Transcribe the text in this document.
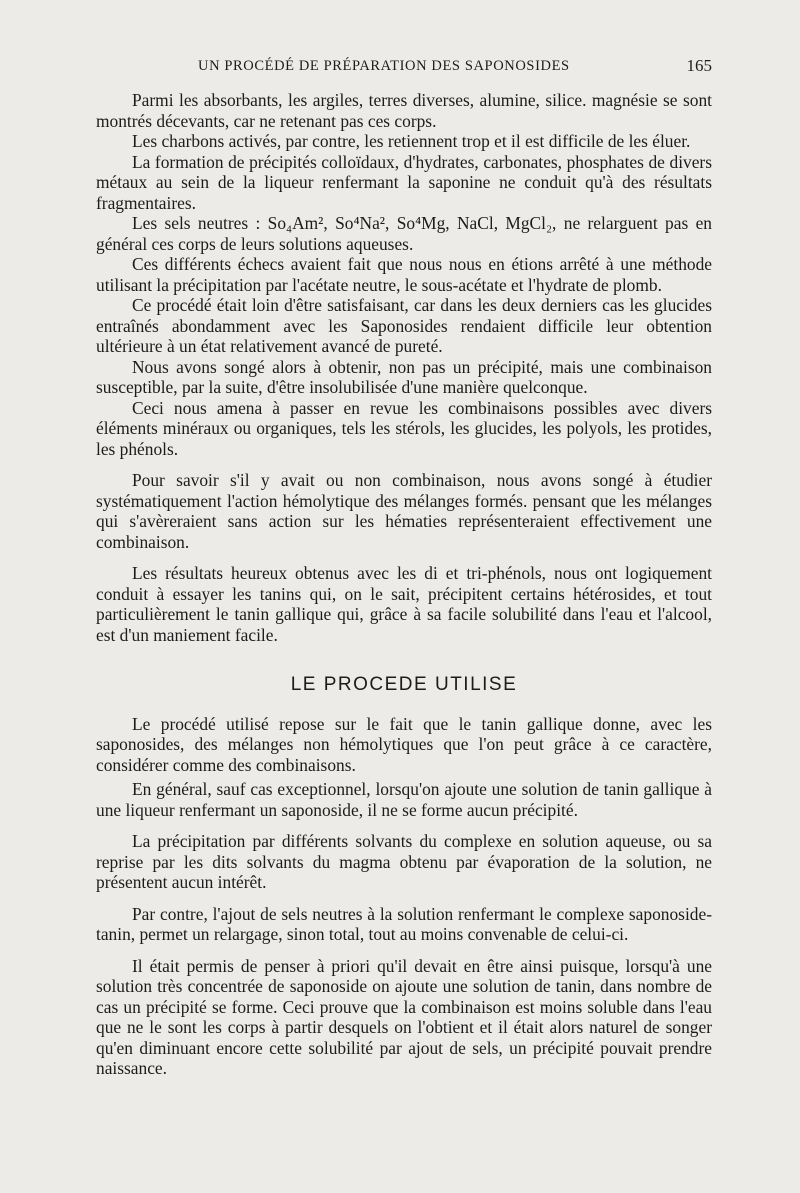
UN PROCÉDÉ DE PRÉPARATION DES SAPONOSIDES	165

Parmi les absorbants, les argiles, terres diverses, alumine, silice. magnésie se sont montrés décevants, car ne retenant pas ces corps.

Les charbons activés, par contre, les retiennent trop et il est difficile de les éluer.

La formation de précipités colloïdaux, d'hydrates, carbonates, phosphates de divers métaux au sein de la liqueur renfermant la saponine ne conduit qu'à des résultats fragmentaires.

Les sels neutres : So₄Am², So⁴Na², So⁴Mg, NaCl, MgCl₂, ne relarguent pas en général ces corps de leurs solutions aqueuses.

Ces différents échecs avaient fait que nous nous en étions arrêté à une méthode utilisant la précipitation par l'acétate neutre, le sous-acétate et l'hydrate de plomb.

Ce procédé était loin d'être satisfaisant, car dans les deux derniers cas les glucides entraînés abondamment avec les Saponosides rendaient difficile leur obtention ultérieure à un état relativement avancé de pureté.

Nous avons songé alors à obtenir, non pas un précipité, mais une combinaison susceptible, par la suite, d'être insolubilisée d'une manière quelconque.

Ceci nous amena à passer en revue les combinaisons possibles avec divers éléments minéraux ou organiques, tels les stérols, les glucides, les polyols, les protides, les phénols.

Pour savoir s'il y avait ou non combinaison, nous avons songé à étudier systématiquement l'action hémolytique des mélanges formés. pensant que les mélanges qui s'avèreraient sans action sur les hématies représenteraient effectivement une combinaison.

Les résultats heureux obtenus avec les di et tri-phénols, nous ont logiquement conduit à essayer les tanins qui, on le sait, précipitent certains hétérosides, et tout particulièrement le tanin gallique qui, grâce à sa facile solubilité dans l'eau et l'alcool, est d'un maniement facile.

LE PROCEDE UTILISE

Le procédé utilisé repose sur le fait que le tanin gallique donne, avec les saponosides, des mélanges non hémolytiques que l'on peut grâce à ce caractère, considérer comme des combinaisons.

En général, sauf cas exceptionnel, lorsqu'on ajoute une solution de tanin gallique à une liqueur renfermant un saponoside, il ne se forme aucun précipité.

La précipitation par différents solvants du complexe en solution aqueuse, ou sa reprise par les dits solvants du magma obtenu par évaporation de la solution, ne présentent aucun intérêt.

Par contre, l'ajout de sels neutres à la solution renfermant le complexe saponoside-tanin, permet un relargage, sinon total, tout au moins convenable de celui-ci.

Il était permis de penser à priori qu'il devait en être ainsi puisque, lorsqu'à une solution très concentrée de saponoside on ajoute une solution de tanin, dans nombre de cas un précipité se forme. Ceci prouve que la combinaison est moins soluble dans l'eau que ne le sont les corps à partir desquels on l'obtient et il était alors naturel de songer qu'en diminuant encore cette solubilité par ajout de sels, un précipité pouvait prendre naissance.
